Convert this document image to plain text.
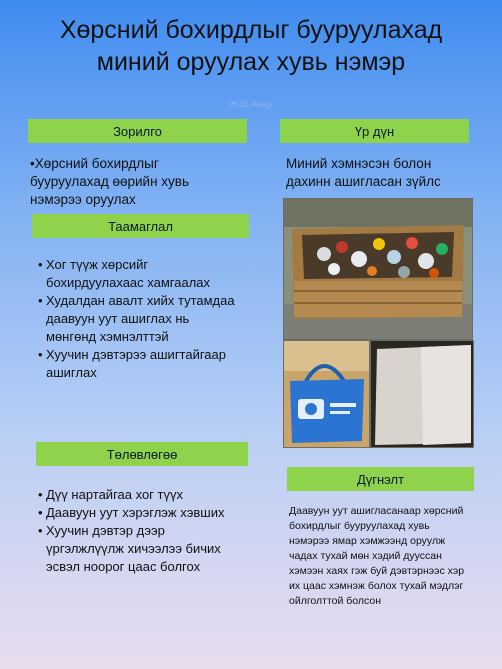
Хөрсний бохирдлыг бууруулахад
миний оруулах хувь нэмэр
Ж.Ш.Анар
Зорилго
•Хөрсний бохирдлыг бууруулахад өөрийн хувь нэмэрээ оруулах
Таамаглал
• Хог түүж хөрсийг бохирдуулахаас хамгаалах
• Худалдан авалт хийх тутамдаа даавуун уут ашиглах нь мөнгөнд хэмнэлттэй
• Хуучин дэвтэрээ ашигтайгаар ашиглах
Төлөвлөгөө
• Дүү нартайгаа хог түүх
• Даавуун уут хэрэглэж хэвших
• Хуучин дэвтэр дээр үргэлжлүүлж хичээлээ бичих эсвэл ноорог цаас болгох
Үр дүн
Миний хэмнэсэн болон дахинн ашигласан зүйлс
Дүгнэлт
Даавуун уут ашигласанаар хөрсний бохирдлыг бууруулахад хувь нэмэрээ ямар хэмжээнд оруулж чадах тухай мөн хэдий дууссан хэмээн хаях гэж буй дэвтэрнээс хэр их цаас хэмнэж болох тухай мэдлэг ойлголттой болсон
